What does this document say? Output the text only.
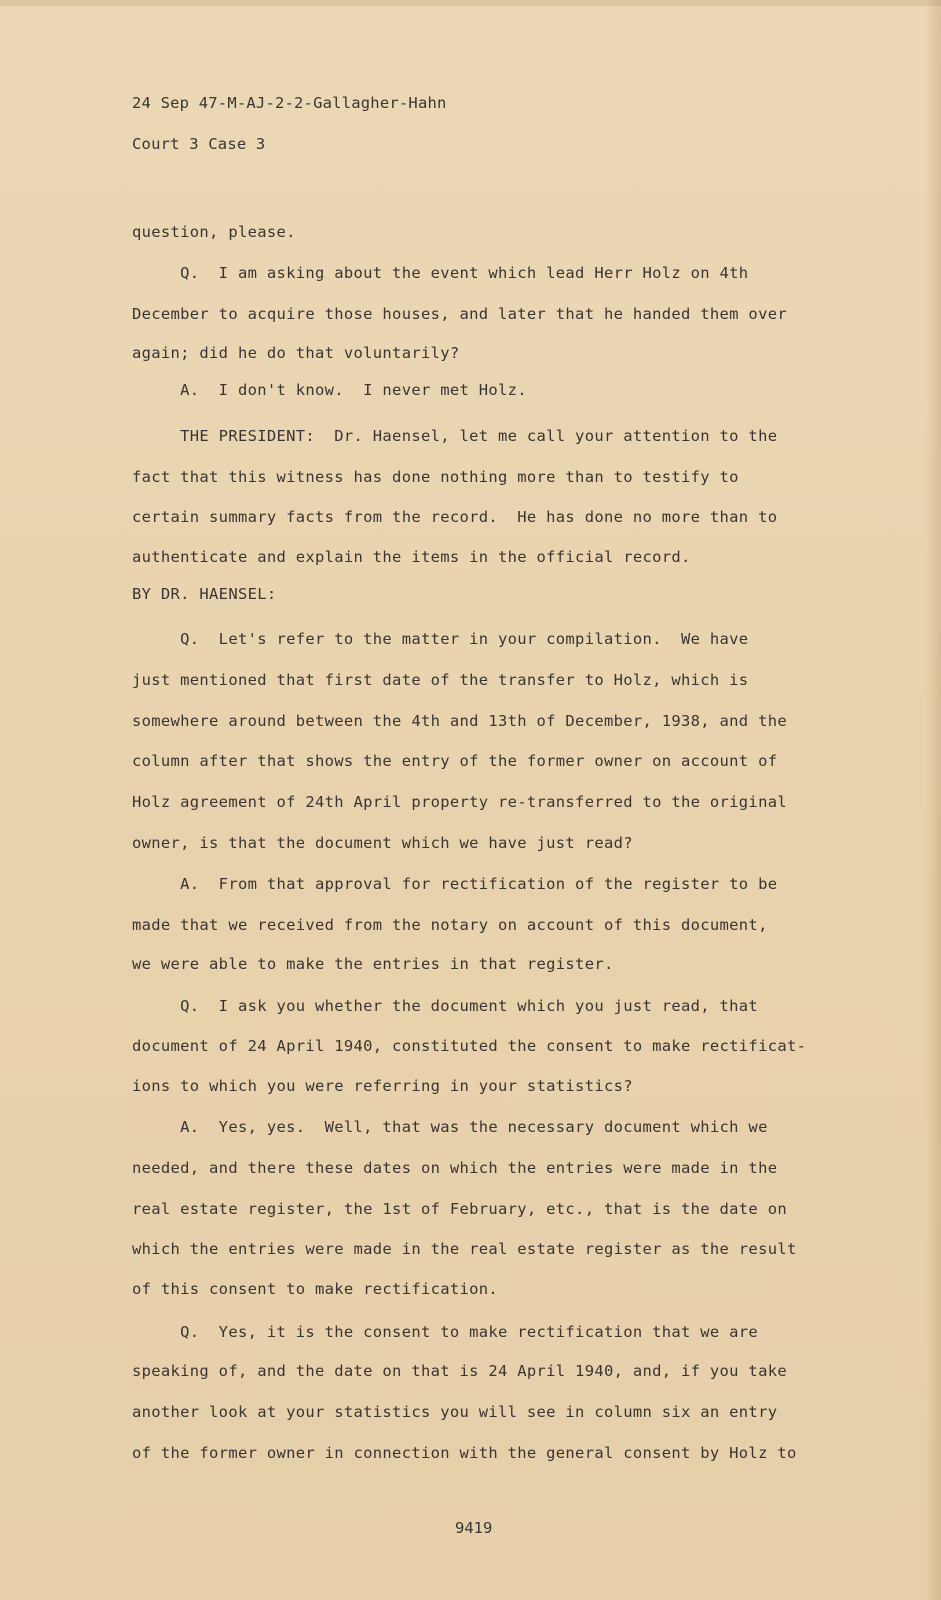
24 Sep 47-M-AJ-2-2-Gallagher-Hahn
Court 3 Case 3
question, please.
Q.  I am asking about the event which lead Herr Holz on 4th
December to acquire those houses, and later that he handed them over
again; did he do that voluntarily?
A.  I don't know.  I never met Holz.
THE PRESIDENT:  Dr. Haensel, let me call your attention to the
fact that this witness has done nothing more than to testify to
certain summary facts from the record.  He has done no more than to
authenticate and explain the items in the official record.
BY DR. HAENSEL:
Q.  Let's refer to the matter in your compilation.  We have
just mentioned that first date of the transfer to Holz, which is
somewhere around between the 4th and 13th of December, 1938, and the
column after that shows the entry of the former owner on account of
Holz agreement of 24th April property re-transferred to the original
owner, is that the document which we have just read?
A.  From that approval for rectification of the register to be
made that we received from the notary on account of this document,
we were able to make the entries in that register.
Q.  I ask you whether the document which you just read, that
document of 24 April 1940, constituted the consent to make rectificat-
ions to which you were referring in your statistics?
A.  Yes, yes.  Well, that was the necessary document which we
needed, and there these dates on which the entries were made in the
real estate register, the 1st of February, etc., that is the date on
which the entries were made in the real estate register as the result
of this consent to make rectification.
Q.  Yes, it is the consent to make rectification that we are
speaking of, and the date on that is 24 April 1940, and, if you take
another look at your statistics you will see in column six an entry
of the former owner in connection with the general consent by Holz to
9419
